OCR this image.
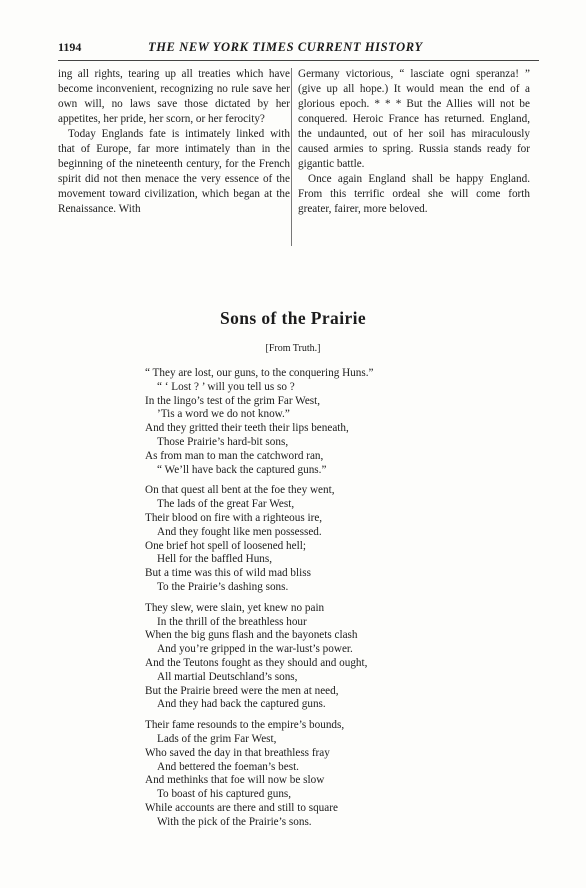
1194	THE NEW YORK TIMES CURRENT HISTORY

ing all rights, tearing up all treaties which have become inconvenient, recognizing no rule save her own will, no laws save those dictated by her appetites, her pride, her scorn, or her ferocity?

Today Englands fate is intimately linked with that of Europe, far more intimately than in the beginning of the nineteenth century, for the French spirit did not then menace the very essence of the movement toward civilization, which began at the Renaissance. With

Germany victorious, “ lasciate ogni speranza! ” (give up all hope.) It would mean the end of a glorious epoch. * * * But the Allies will not be conquered. Heroic France has returned. England, the undaunted, out of her soil has miraculously caused armies to spring. Russia stands ready for gigantic battle.

Once again England shall be happy England. From this terrific ordeal she will come forth greater, fairer, more beloved.

Sons of the Prairie
[From Truth.]
“ They are lost, our guns, to the conquering Huns.”
“ ‘ Lost ? ’ will you tell us so ?
In the lingo’s test of the grim Far West,
’Tis a word we do not know.”
And they gritted their teeth their lips beneath,
Those Prairie’s hard-bit sons,
As from man to man the catchword ran,
“ We’ll have back the captured guns.”
On that quest all bent at the foe they went,
The lads of the great Far West,
Their blood on fire with a righteous ire,
And they fought like men possessed.
One brief hot spell of loosened hell;
Hell for the baffled Huns,
But a time was this of wild mad bliss
To the Prairie’s dashing sons.
They slew, were slain, yet knew no pain
In the thrill of the breathless hour
When the big guns flash and the bayonets clash
And you’re gripped in the war-lust’s power.
And the Teutons fought as they should and ought,
All martial Deutschland’s sons,
But the Prairie breed were the men at need,
And they had back the captured guns.
Their fame resounds to the empire’s bounds,
Lads of the grim Far West,
Who saved the day in that breathless fray
And bettered the foeman’s best.
And methinks that foe will now be slow
To boast of his captured guns,
While accounts are there and still to square
With the pick of the Prairie’s sons.
